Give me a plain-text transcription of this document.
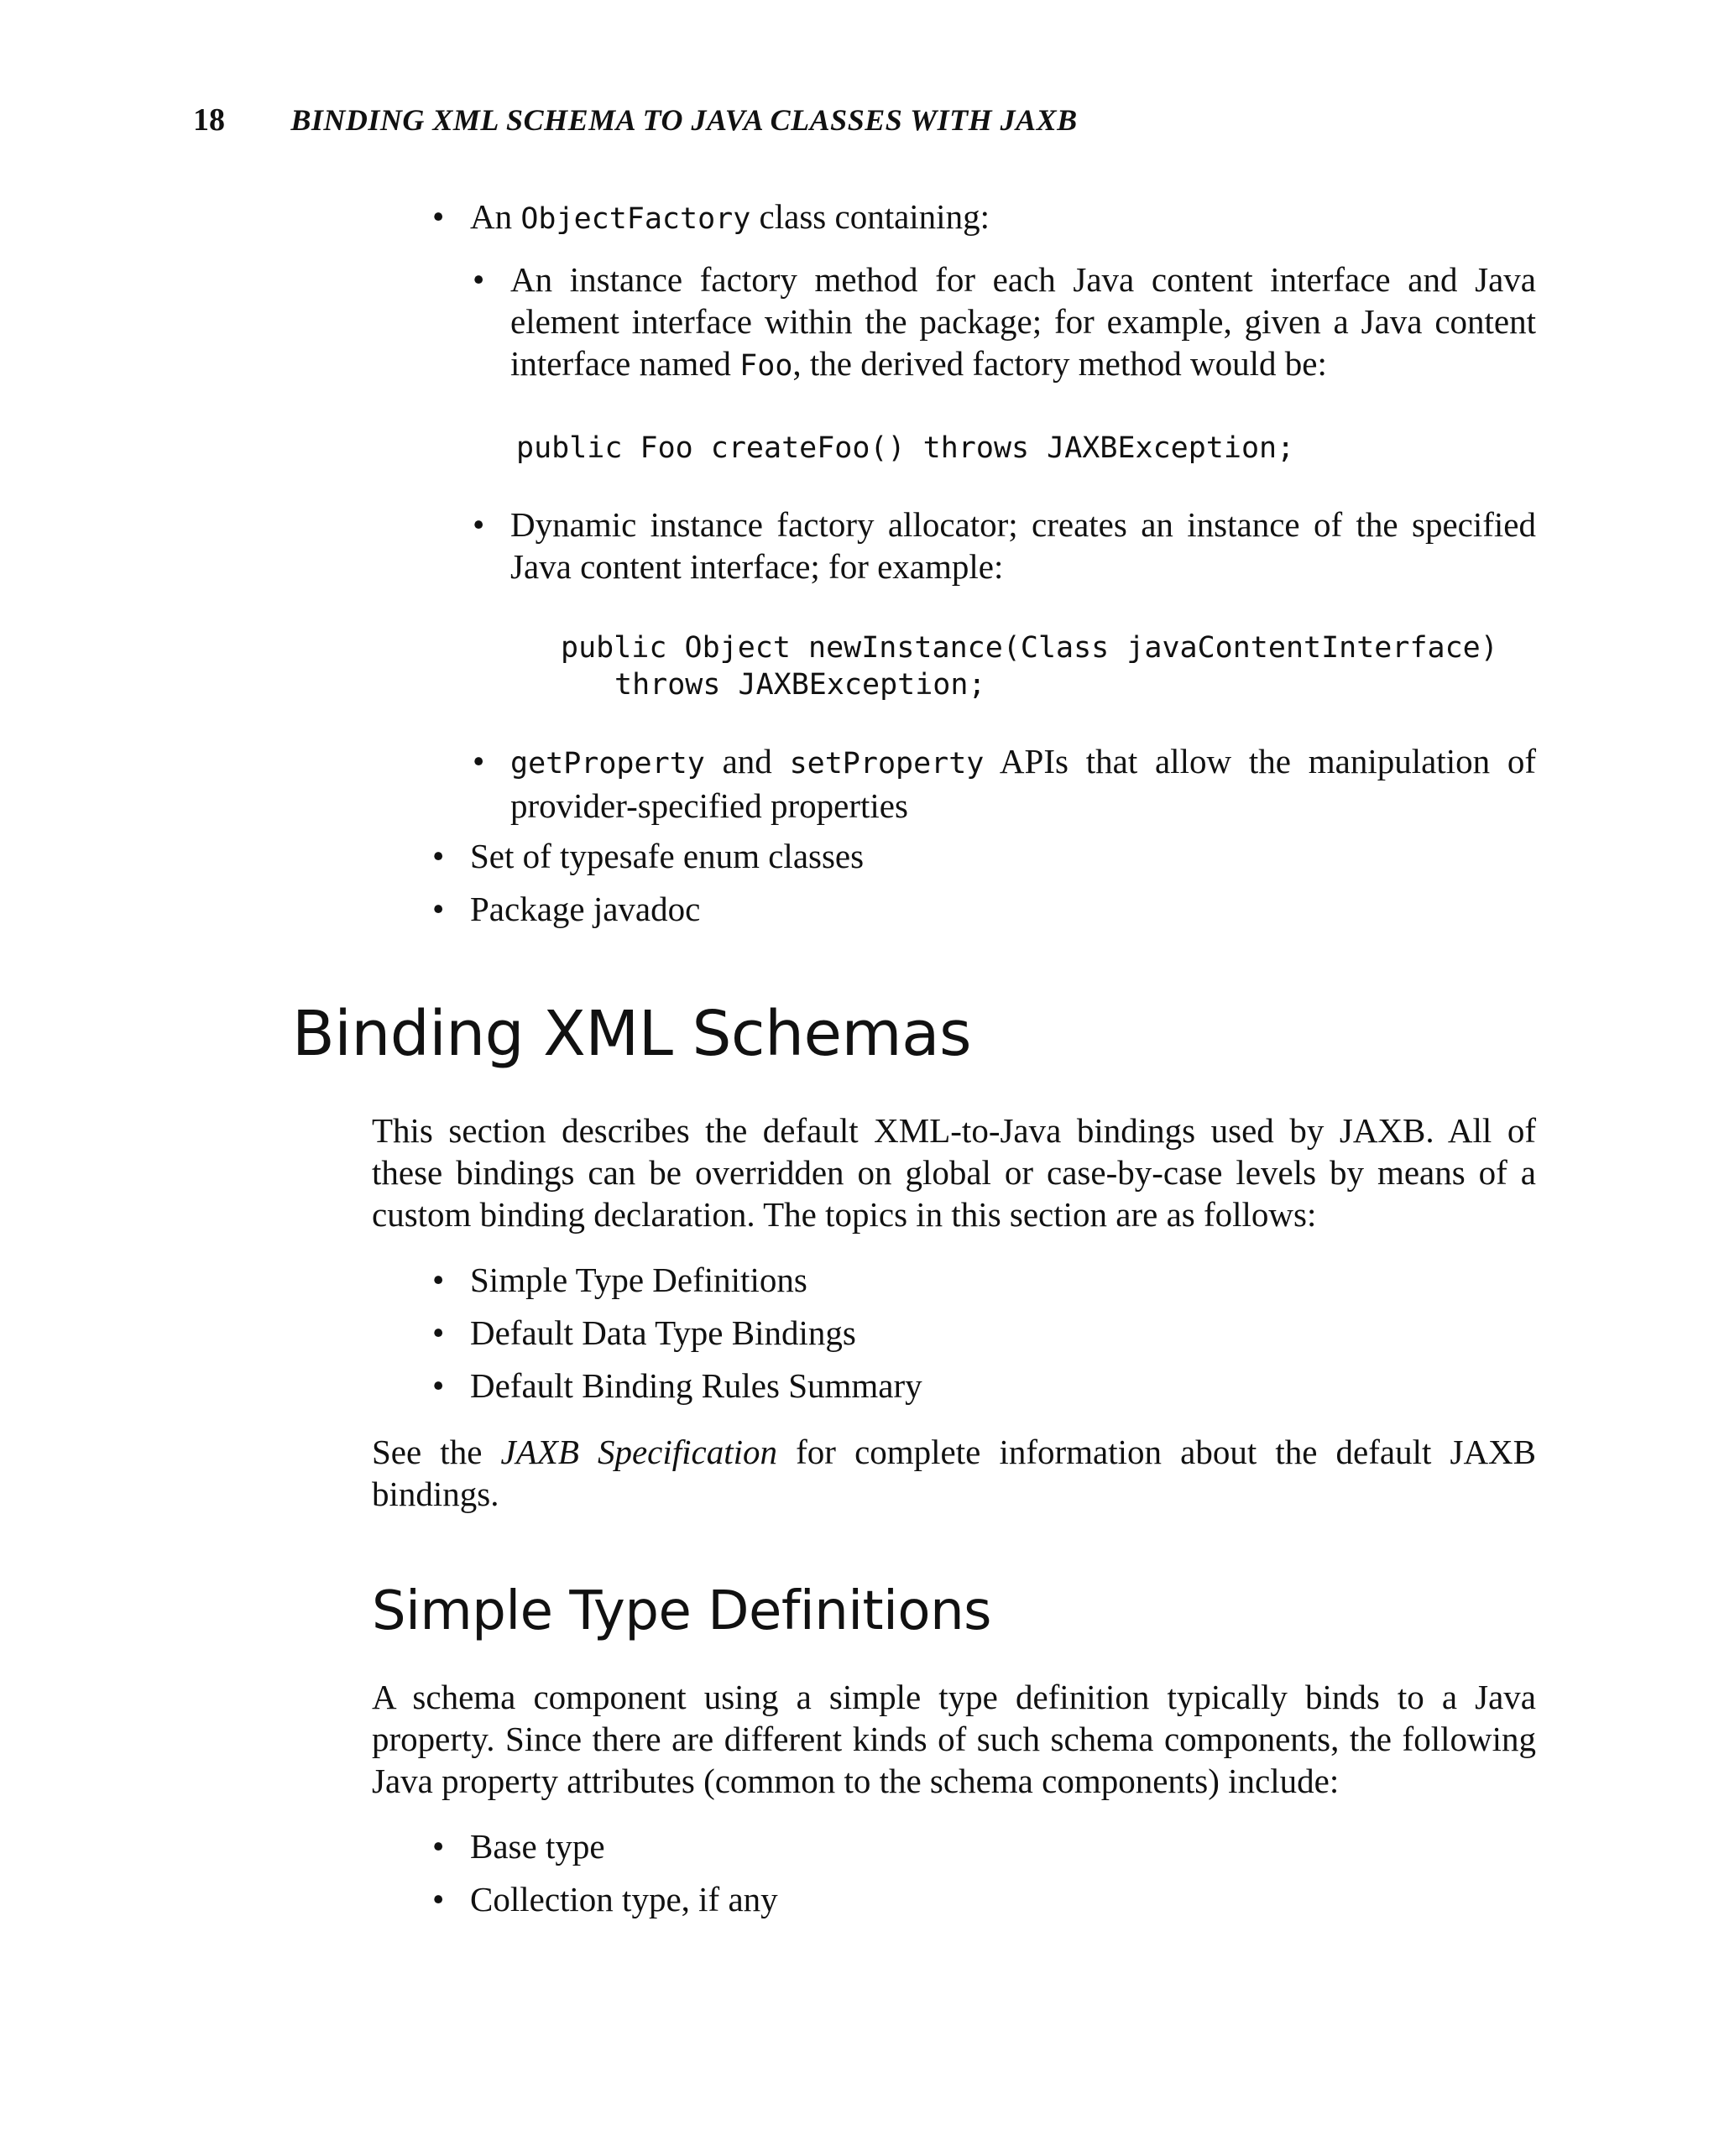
18	BINDING XML SCHEMA TO JAVA CLASSES WITH JAXB
• An ObjectFactory class containing:
• An instance factory method for each Java content interface and Java element interface within the package; for example, given a Java content interface named Foo, the derived factory method would be:
public Foo createFoo() throws JAXBException;
• Dynamic instance factory allocator; creates an instance of the specified Java content interface; for example:
public Object newInstance(Class javaContentInterface)
throws JAXBException;
• getProperty and setProperty APIs that allow the manipulation of provider-specified properties
• Set of typesafe enum classes
• Package javadoc
Binding XML Schemas

This section describes the default XML-to-Java bindings used by JAXB. All of these bindings can be overridden on global or case-by-case levels by means of a custom binding declaration. The topics in this section are as follows:

• Simple Type Definitions
• Default Data Type Bindings
• Default Binding Rules Summary

See the JAXB Specification for complete information about the default JAXB bindings.

Simple Type Definitions

A schema component using a simple type definition typically binds to a Java property. Since there are different kinds of such schema components, the following Java property attributes (common to the schema components) include:

• Base type
• Collection type, if any
